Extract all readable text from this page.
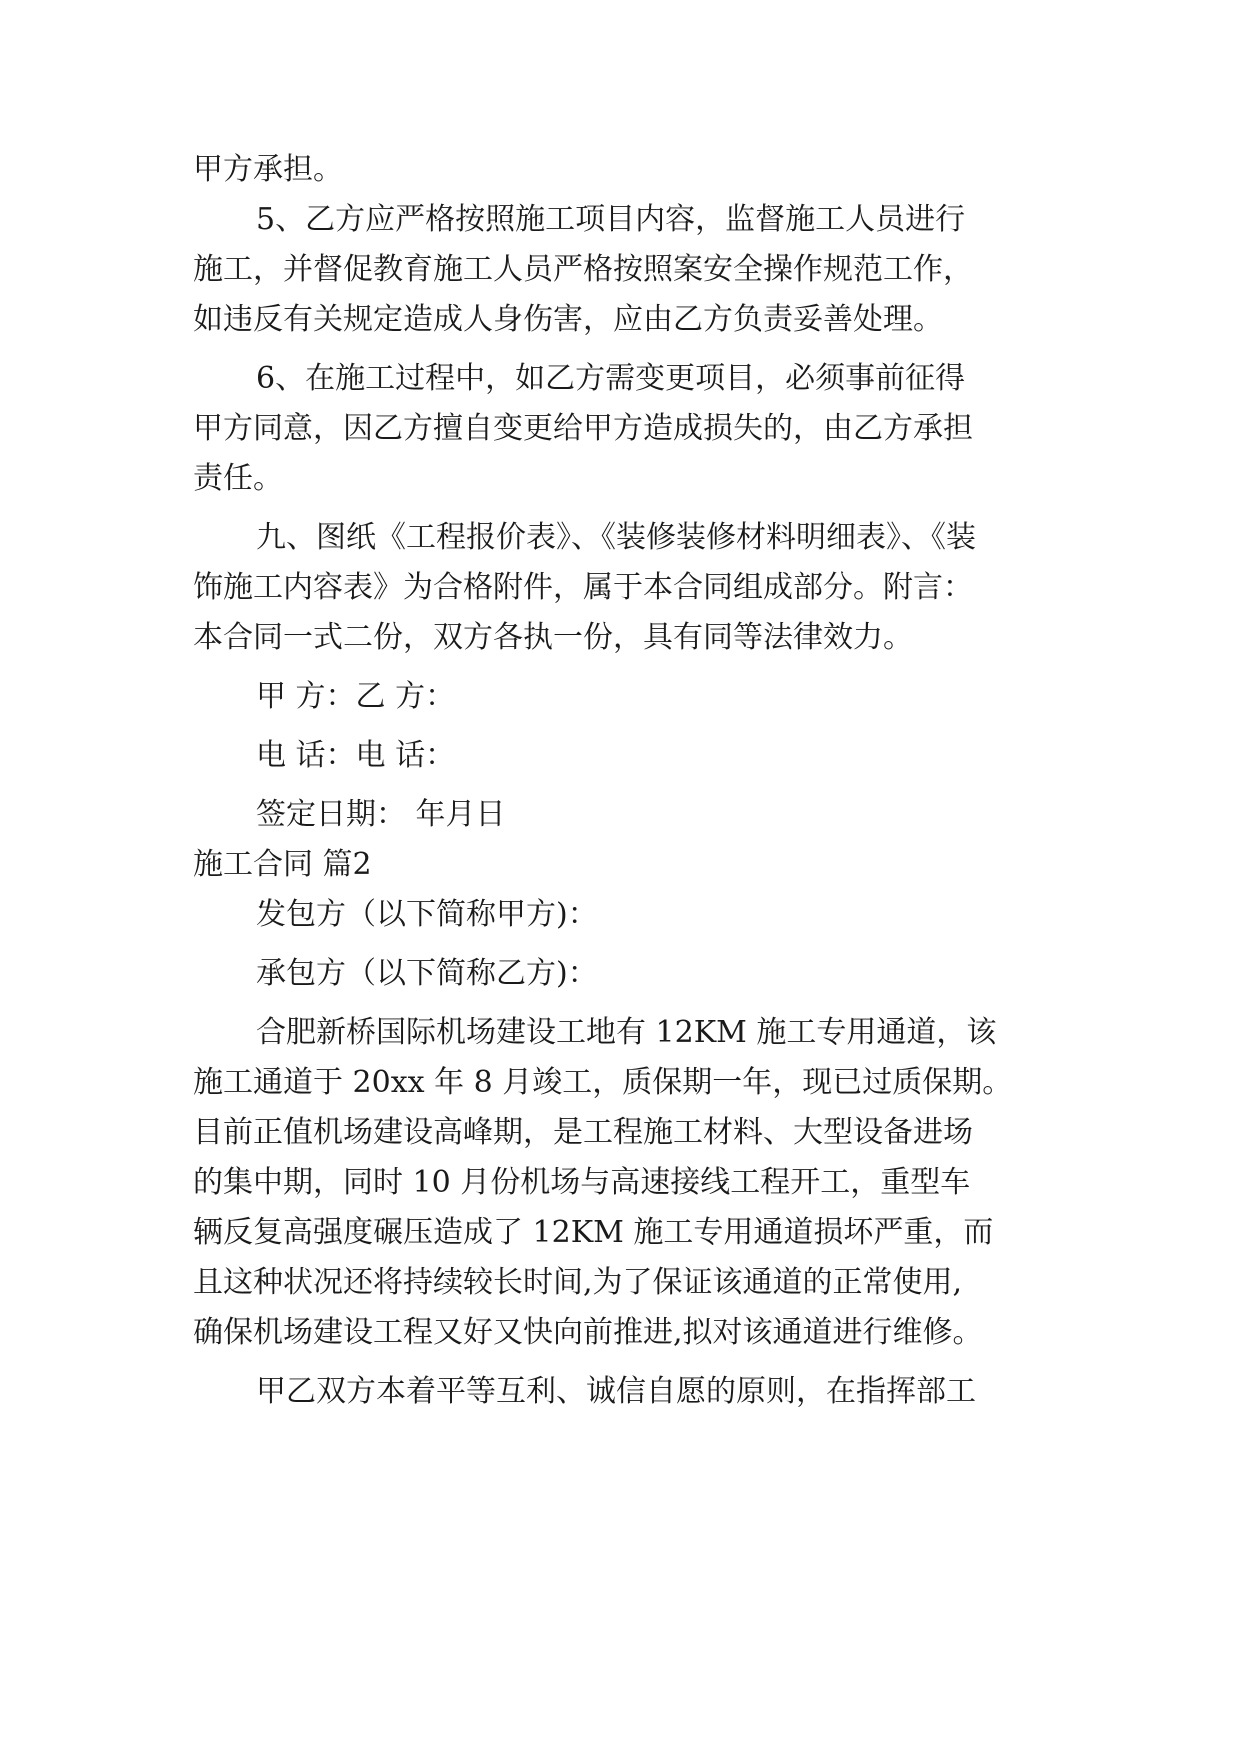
甲方承担。
5、乙方应严格按照施工项目内容，监督施工人员进行
施工，并督促教育施工人员严格按照案安全操作规范工作，
如违反有关规定造成人身伤害，应由乙方负责妥善处理。
6、在施工过程中，如乙方需变更项目，必须事前征得
甲方同意，因乙方擅自变更给甲方造成损失的，由乙方承担
责任。
九、图纸《工程报价表》、《装修装修材料明细表》、《装
饰施工内容表》为合格附件，属于本合同组成部分。附言：
本合同一式二份，双方各执一份，具有同等法律效力。
甲 方：乙 方：
电 话：电 话：
签定日期： 年月日
施工合同 篇2
发包方（以下简称甲方)：
承包方（以下简称乙方)：
合肥新桥国际机场建设工地有 12KM 施工专用通道，该
施工通道于 20xx 年 8 月竣工，质保期一年，现已过质保期。
目前正值机场建设高峰期，是工程施工材料、大型设备进场
的集中期，同时 10 月份机场与高速接线工程开工，重型车
辆反复高强度碾压造成了 12KM 施工专用通道损坏严重，而
且这种状况还将持续较长时间,为了保证该通道的正常使用,
确保机场建设工程又好又快向前推进,拟对该通道进行维修。
甲乙双方本着平等互利、诚信自愿的原则，在指挥部工
